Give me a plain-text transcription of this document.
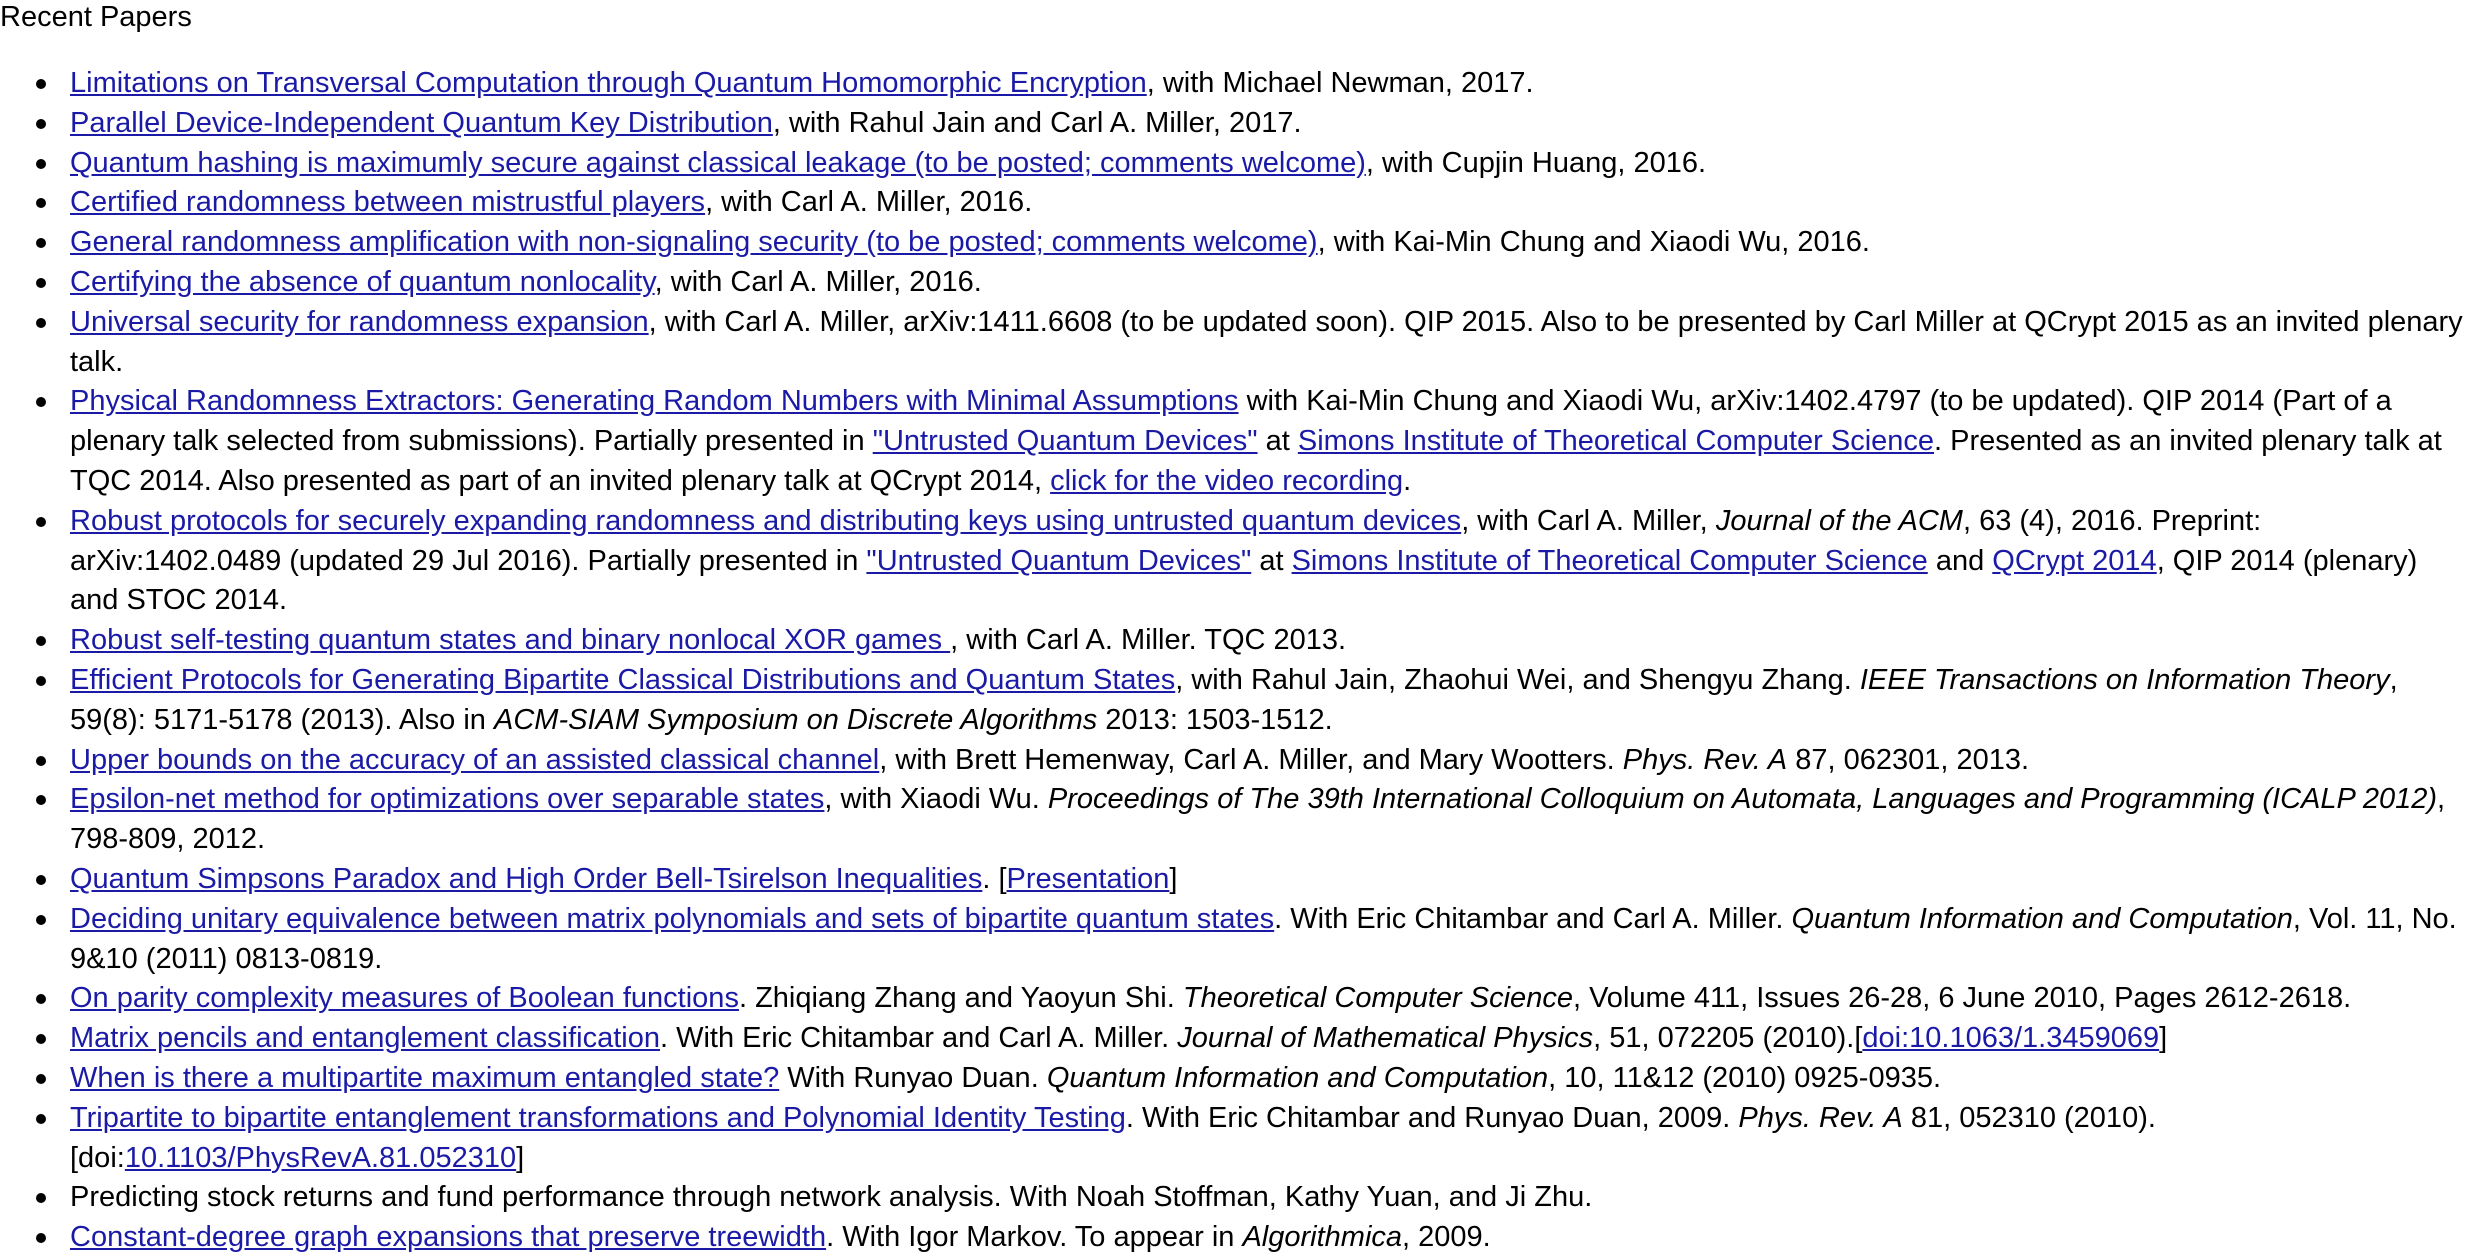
Recent Papers
Limitations on Transversal Computation through Quantum Homomorphic Encryption, with Michael Newman, 2017.
Parallel Device-Independent Quantum Key Distribution, with Rahul Jain and Carl A. Miller, 2017.
Quantum hashing is maximumly secure against classical leakage (to be posted; comments welcome), with Cupjin Huang, 2016.
Certified randomness between mistrustful players, with Carl A. Miller, 2016.
General randomness amplification with non-signaling security (to be posted; comments welcome), with Kai-Min Chung and Xiaodi Wu, 2016.
Certifying the absence of quantum nonlocality, with Carl A. Miller, 2016.
Universal security for randomness expansion, with Carl A. Miller, arXiv:1411.6608 (to be updated soon). QIP 2015. Also to be presented by Carl Miller at QCrypt 2015 as an invited plenary talk.
Physical Randomness Extractors: Generating Random Numbers with Minimal Assumptions with Kai-Min Chung and Xiaodi Wu, arXiv:1402.4797 (to be updated). QIP 2014 (Part of a plenary talk selected from submissions). Partially presented in "Untrusted Quantum Devices" at Simons Institute of Theoretical Computer Science. Presented as an invited plenary talk at TQC 2014. Also presented as part of an invited plenary talk at QCrypt 2014, click for the video recording.
Robust protocols for securely expanding randomness and distributing keys using untrusted quantum devices, with Carl A. Miller, Journal of the ACM, 63 (4), 2016. Preprint: arXiv:1402.0489 (updated 29 Jul 2016). Partially presented in "Untrusted Quantum Devices" at Simons Institute of Theoretical Computer Science and QCrypt 2014, QIP 2014 (plenary) and STOC 2014.
Robust self-testing quantum states and binary nonlocal XOR games , with Carl A. Miller. TQC 2013.
Efficient Protocols for Generating Bipartite Classical Distributions and Quantum States, with Rahul Jain, Zhaohui Wei, and Shengyu Zhang. IEEE Transactions on Information Theory, 59(8): 5171-5178 (2013). Also in ACM-SIAM Symposium on Discrete Algorithms 2013: 1503-1512.
Upper bounds on the accuracy of an assisted classical channel, with Brett Hemenway, Carl A. Miller, and Mary Wootters. Phys. Rev. A 87, 062301, 2013.
Epsilon-net method for optimizations over separable states, with Xiaodi Wu. Proceedings of The 39th International Colloquium on Automata, Languages and Programming (ICALP 2012), 798-809, 2012.
Quantum Simpsons Paradox and High Order Bell-Tsirelson Inequalities. [Presentation]
Deciding unitary equivalence between matrix polynomials and sets of bipartite quantum states. With Eric Chitambar and Carl A. Miller. Quantum Information and Computation, Vol. 11, No. 9&10 (2011) 0813-0819.
On parity complexity measures of Boolean functions. Zhiqiang Zhang and Yaoyun Shi. Theoretical Computer Science, Volume 411, Issues 26-28, 6 June 2010, Pages 2612-2618.
Matrix pencils and entanglement classification. With Eric Chitambar and Carl A. Miller. Journal of Mathematical Physics, 51, 072205 (2010).[doi:10.1063/1.3459069]
When is there a multipartite maximum entangled state? With Runyao Duan. Quantum Information and Computation, 10, 11&12 (2010) 0925-0935.
Tripartite to bipartite entanglement transformations and Polynomial Identity Testing. With Eric Chitambar and Runyao Duan, 2009. Phys. Rev. A 81, 052310 (2010). [doi:10.1103/PhysRevA.81.052310]
Predicting stock returns and fund performance through network analysis. With Noah Stoffman, Kathy Yuan, and Ji Zhu.
Constant-degree graph expansions that preserve treewidth. With Igor Markov. To appear in Algorithmica, 2009.
